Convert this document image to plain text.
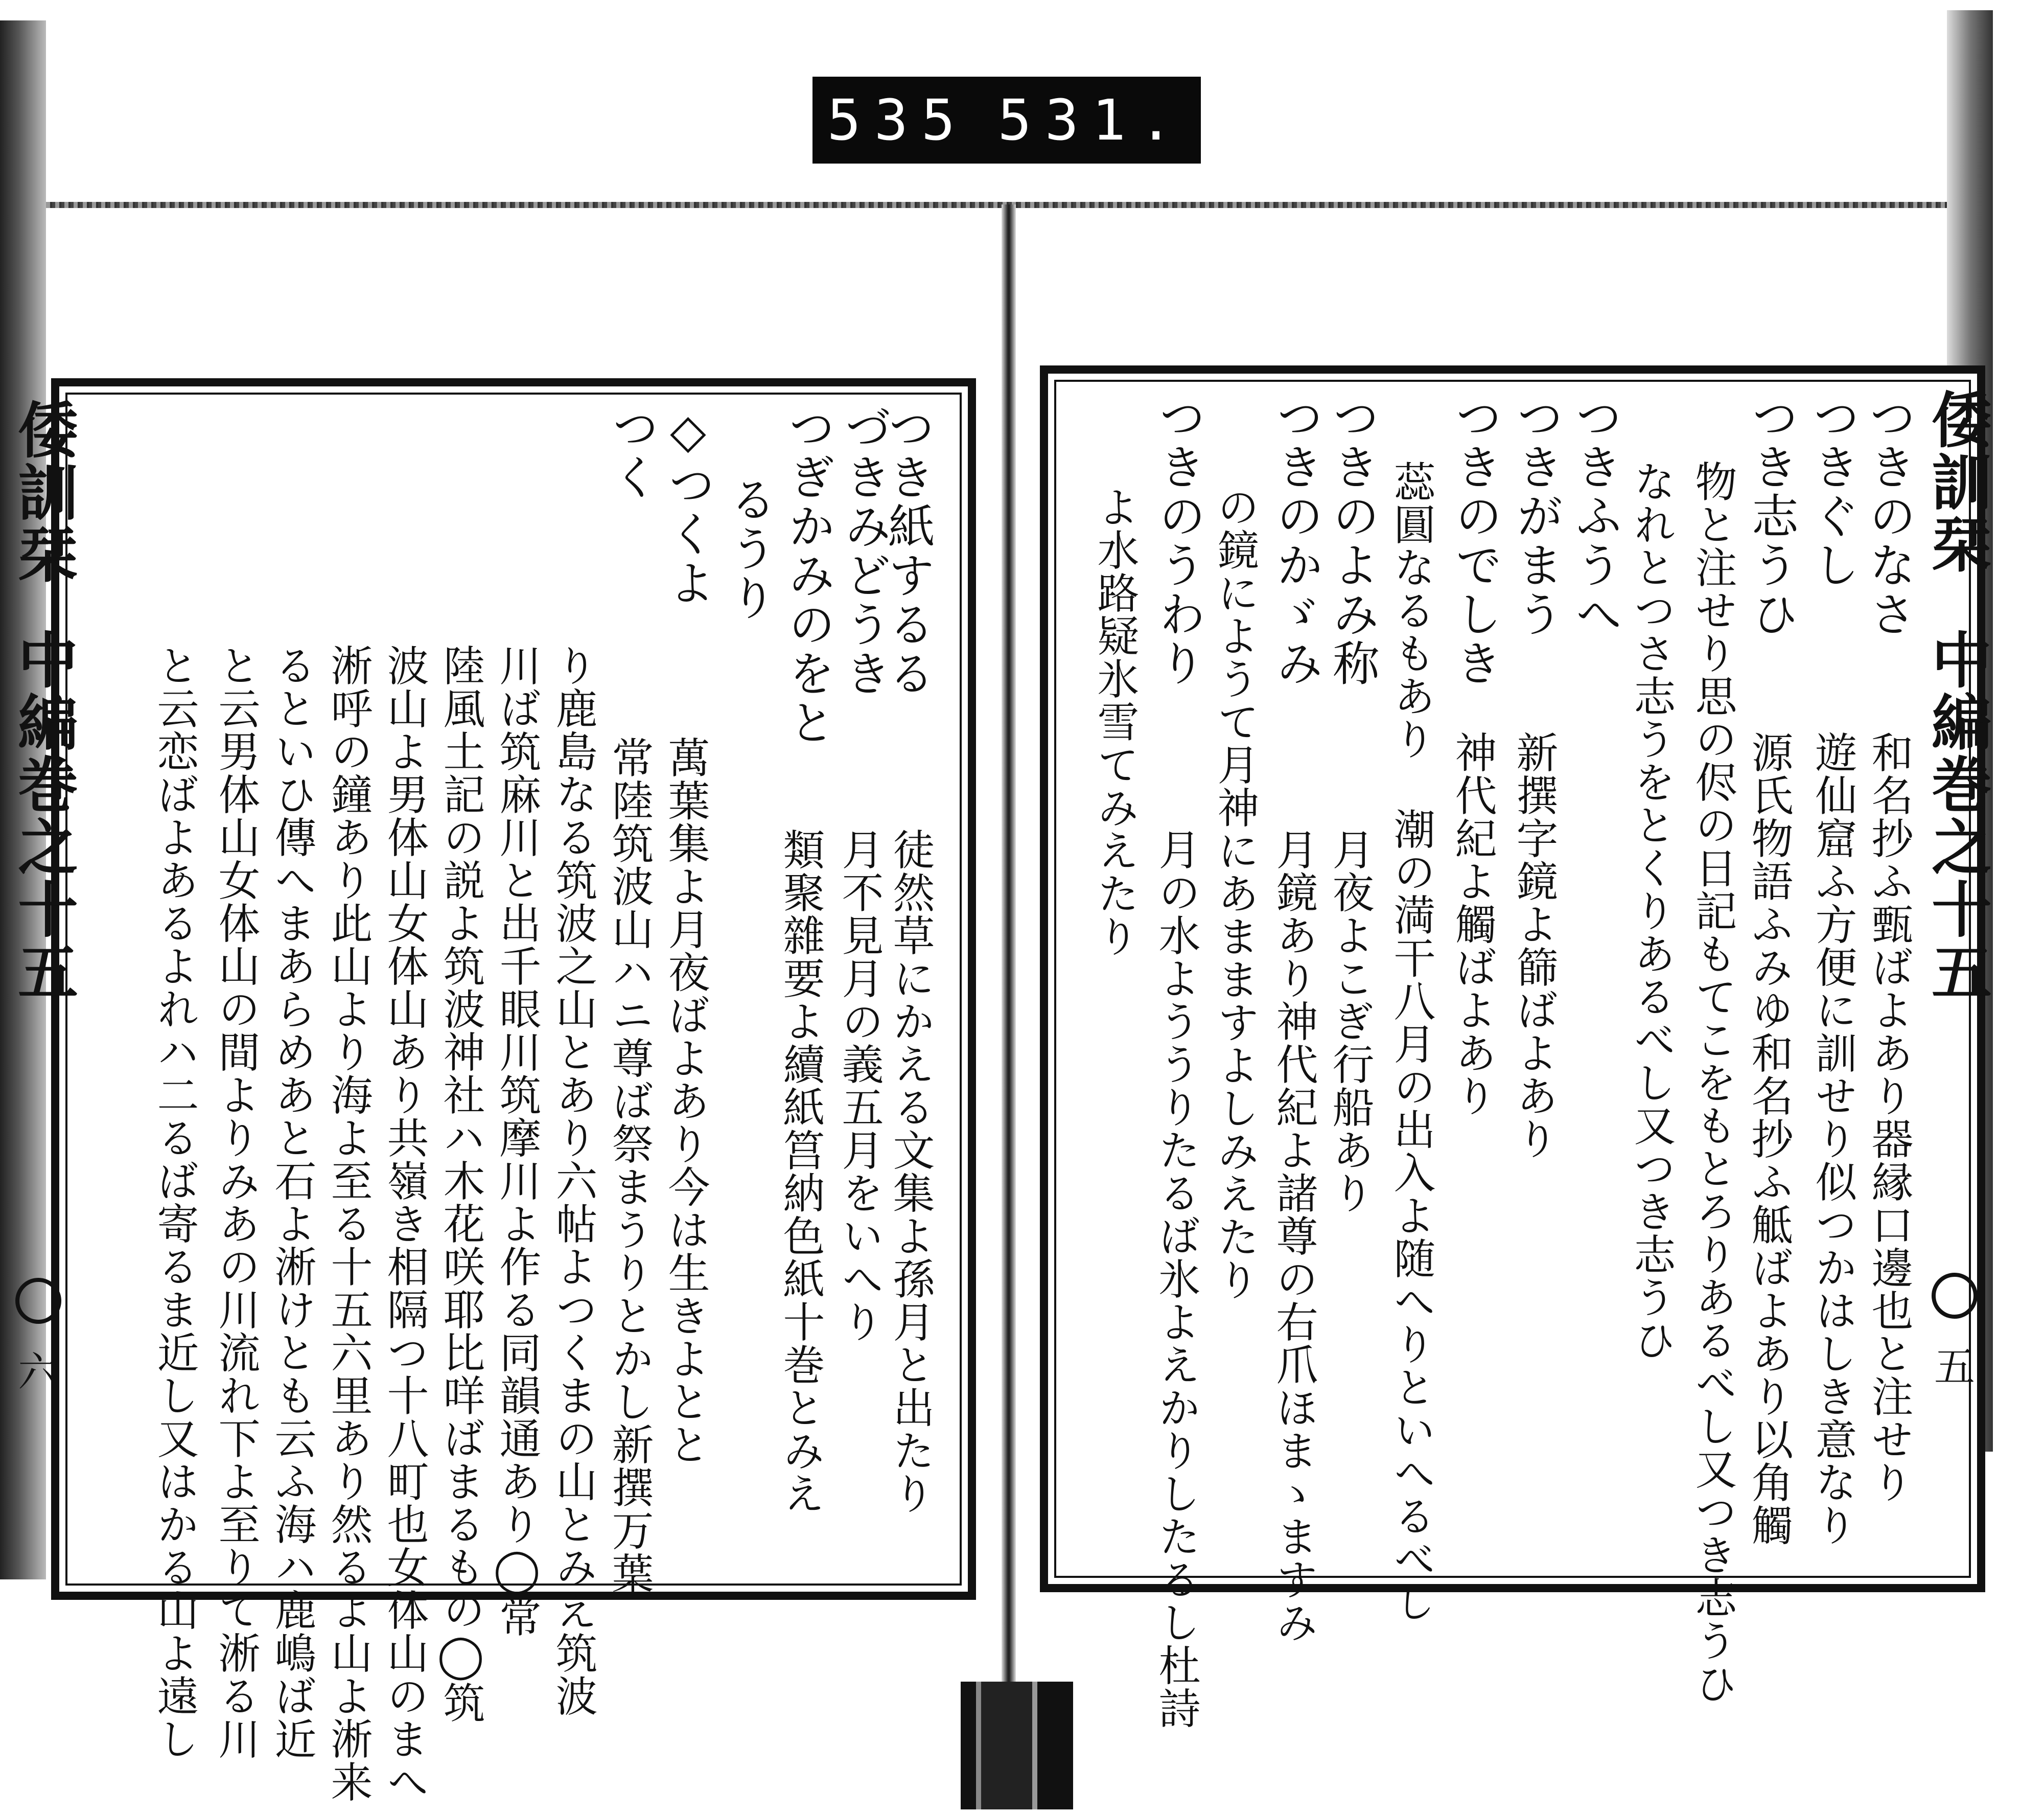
535 531.
倭訓栞
中編巻之十五
六
つき紙するる
づきみどうき
つぎかみのをと
るうり
◇つくよ
つく
徒然草にかえる文集よ孫月と出たり
月不見月の義五月をいへり
類聚雜要よ續紙筥納色紙十巻とみえ
萬葉集よ月夜ばよあり今は生きよとと
常陸筑波山ハニ尊ば祭まうりとかし新撰万葉
り鹿島なる筑波之山とあり六帖よつくまの山とみえ筑波
川ば筑麻川と出千眼川筑摩川よ作る同韻通あり◯常
陸風土記の説よ筑波神社ハ木花咲耶比咩ばまるもの◯筑
波山よ男体山女体山あり共嶺き相隔つ十八町也女体山のまへ
淅呼の鐘あり此山より海よ至る十五六里あり然るよ山よ淅来
るといひ傳へまあらめあと石よ淅けとも云ふ海ハ鹿嶋ば近
と云男体山女体山の間よりみあの川流れ下よ至りて淅る川
と云恋ばよあるよれハ二るば寄るま近し又はかる山よ遠し
倭訓栞
中編巻之十五
五
つきのなさ
つきぐし
つき志うひ
物と注せり思の侭の日記もてこをもとろりあるべし又つき志うひ
なれとつさ志うをとくりあるべし又つき志うひ
つきふうへ
つきがまう
つきのでしき
蕊圓なるもあり
つきのよみ称
つきのかゞみ
の鏡にようて月神にあまますよしみえたり
つきのうわり
よ水路疑氷雪てみえたり
和名抄ふ甄ばよあり器縁口邊也と注せり
遊仙窟ふ方便に訓せり似つかはしき意なり
源氏物語ふみゆ和名抄ふ觝ばよあり以角觸
新撰字鏡よ篩ばよあり
神代紀よ觸ばよあり
潮の満干八月の出入よ随へりといへるべし
月夜よこぎ行船あり
月鏡あり神代紀よ諸尊の右爪ほまゝますみ
月の水よううりたるば氷よえかりしたるし杜詩
